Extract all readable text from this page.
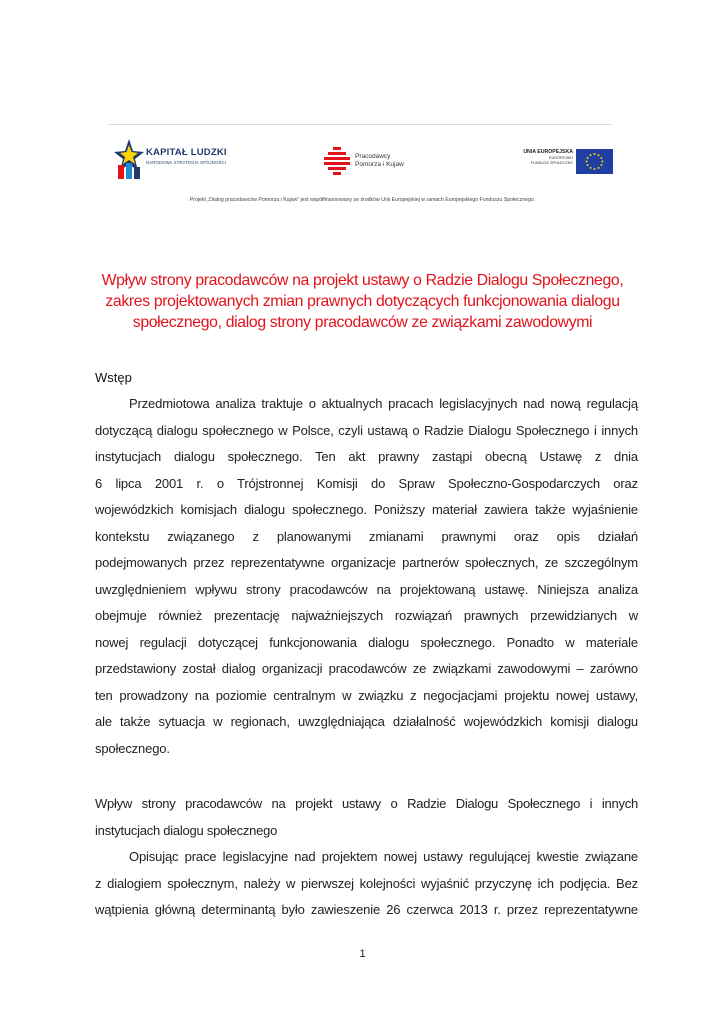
KAPITAŁ LUDZKI
NARODOWA STRATEGIA SPÓJNOŚCI
Pracodawcy
Pomorza i Kujaw
UNIA EUROPEJSKA
EUROPEJSKI
FUNDUSZ SPOŁECZNY
Projekt „Dialog pracodawców Pomorza i Kujaw” jest współfinansowany ze środków Unii Europejskiej w ramach Europejskiego Funduszu Społecznego.
Wpływ strony pracodawców na projekt ustawy o Radzie Dialogu Społecznego,
zakres projektowanych zmian prawnych dotyczących funkcjonowania dialogu
społecznego, dialog strony pracodawców ze związkami zawodowymi
Wstęp
Przedmiotowa analiza traktuje o aktualnych pracach legislacyjnych nad nową regulacją
dotyczącą dialogu społecznego w Polsce, czyli ustawą o Radzie Dialogu Społecznego i innych
instytucjach dialogu społecznego. Ten akt prawny zastąpi obecną Ustawę z dnia
6 lipca 2001 r. o Trójstronnej Komisji do Spraw Społeczno-Gospodarczych oraz
wojewódzkich komisjach dialogu społecznego. Poniższy materiał zawiera także wyjaśnienie
kontekstu związanego z planowanymi zmianami prawnymi oraz opis działań
podejmowanych przez reprezentatywne organizacje partnerów społecznych, ze szczególnym
uwzględnieniem wpływu strony pracodawców na projektowaną ustawę. Niniejsza analiza
obejmuje również prezentację najważniejszych rozwiązań prawnych przewidzianych w
nowej regulacji dotyczącej funkcjonowania dialogu społecznego. Ponadto w materiale
przedstawiony został dialog organizacji pracodawców ze związkami zawodowymi – zarówno
ten prowadzony na poziomie centralnym w związku z negocjacjami projektu nowej ustawy,
ale także sytuacja w regionach, uwzględniająca działalność wojewódzkich komisji dialogu
społecznego.
Wpływ strony pracodawców na projekt ustawy o Radzie Dialogu Społecznego i innych
instytucjach dialogu społecznego
Opisując prace legislacyjne nad projektem nowej ustawy regulującej kwestie związane
z dialogiem społecznym, należy w pierwszej kolejności wyjaśnić przyczynę ich podjęcia. Bez
wątpienia główną determinantą było zawieszenie 26 czerwca 2013 r. przez reprezentatywne
1
